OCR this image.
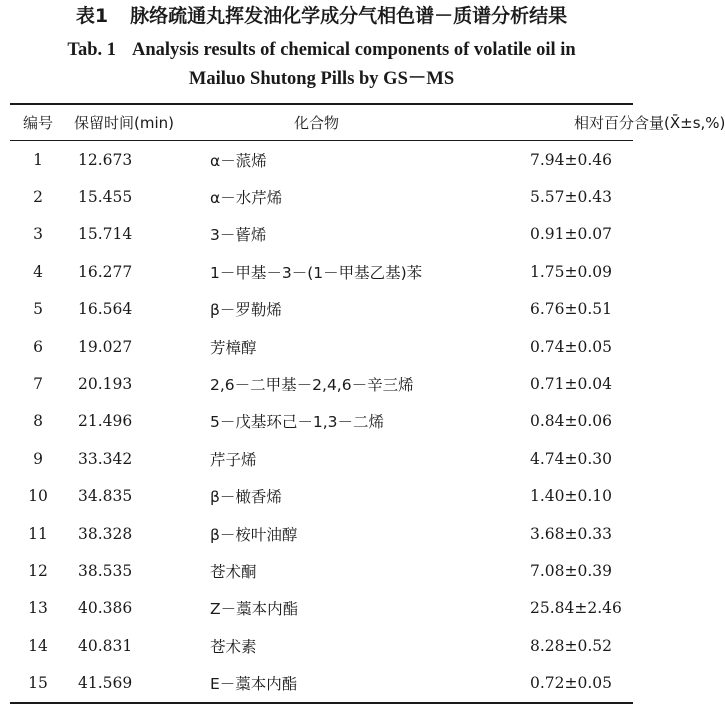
表1 脉络疏通丸挥发油化学成分气相色谱－质谱分析结果
Tab. 1 Analysis results of chemical components of volatile oil in
Mailuo Shutong Pills by GS－MS
编号	保留时间(min)	化合物	相对百分含量(X̄±s,%)
1	12.673	α－蒎烯	7.94±0.46
2	15.455	α－水芹烯	5.57±0.43
3	15.714	3－蒈烯	0.91±0.07
4	16.277	1－甲基－3－(1－甲基乙基)苯	1.75±0.09
5	16.564	β－罗勒烯	6.76±0.51
6	19.027	芳樟醇	0.74±0.05
7	20.193	2,6－二甲基－2,4,6－辛三烯	0.71±0.04
8	21.496	5－戊基环己－1,3－二烯	0.84±0.06
9	33.342	芹子烯	4.74±0.30
10	34.835	β－橄香烯	1.40±0.10
11	38.328	β－桉叶油醇	3.68±0.33
12	38.535	苍术酮	7.08±0.39
13	40.386	Z－藁本内酯	25.84±2.46
14	40.831	苍术素	8.28±0.52
15	41.569	E－藁本内酯	0.72±0.05
